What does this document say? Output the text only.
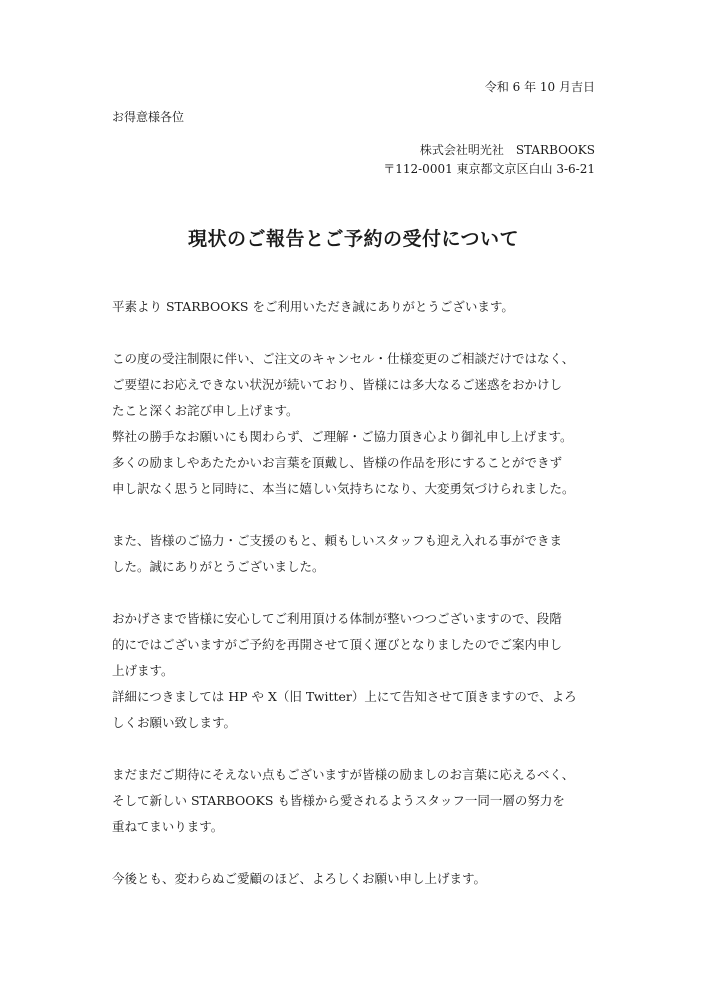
令和 6 年 10 月吉日

お得意様各位

株式会社明光社　STARBOOKS
〒112-0001 東京都文京区白山 3-6-21
現状のご報告とご予約の受付について
平素より STARBOOKS をご利用いただき誠にありがとうございます。
この度の受注制限に伴い、ご注文のキャンセル・仕様変更のご相談だけではなく、
ご要望にお応えできない状況が続いており、皆様には多大なるご迷惑をおかけし
たこと深くお詫び申し上げます。
弊社の勝手なお願いにも関わらず、ご理解・ご協力頂き心より御礼申し上げます。
多くの励ましやあたたかいお言葉を頂戴し、皆様の作品を形にすることができず
申し訳なく思うと同時に、本当に嬉しい気持ちになり、大変勇気づけられました。
また、皆様のご協力・ご支援のもと、頼もしいスタッフも迎え入れる事ができま
した。誠にありがとうございました。
おかげさまで皆様に安心してご利用頂ける体制が整いつつございますので、段階
的にではございますがご予約を再開させて頂く運びとなりましたのでご案内申し
上げます。
詳細につきましては HP や X（旧 Twitter）上にて告知させて頂きますので、よろ
しくお願い致します。
まだまだご期待にそえない点もございますが皆様の励ましのお言葉に応えるべく、
そして新しい STARBOOKS も皆様から愛されるようスタッフ一同一層の努力を
重ねてまいります。
今後とも、変わらぬご愛顧のほど、よろしくお願い申し上げます。
